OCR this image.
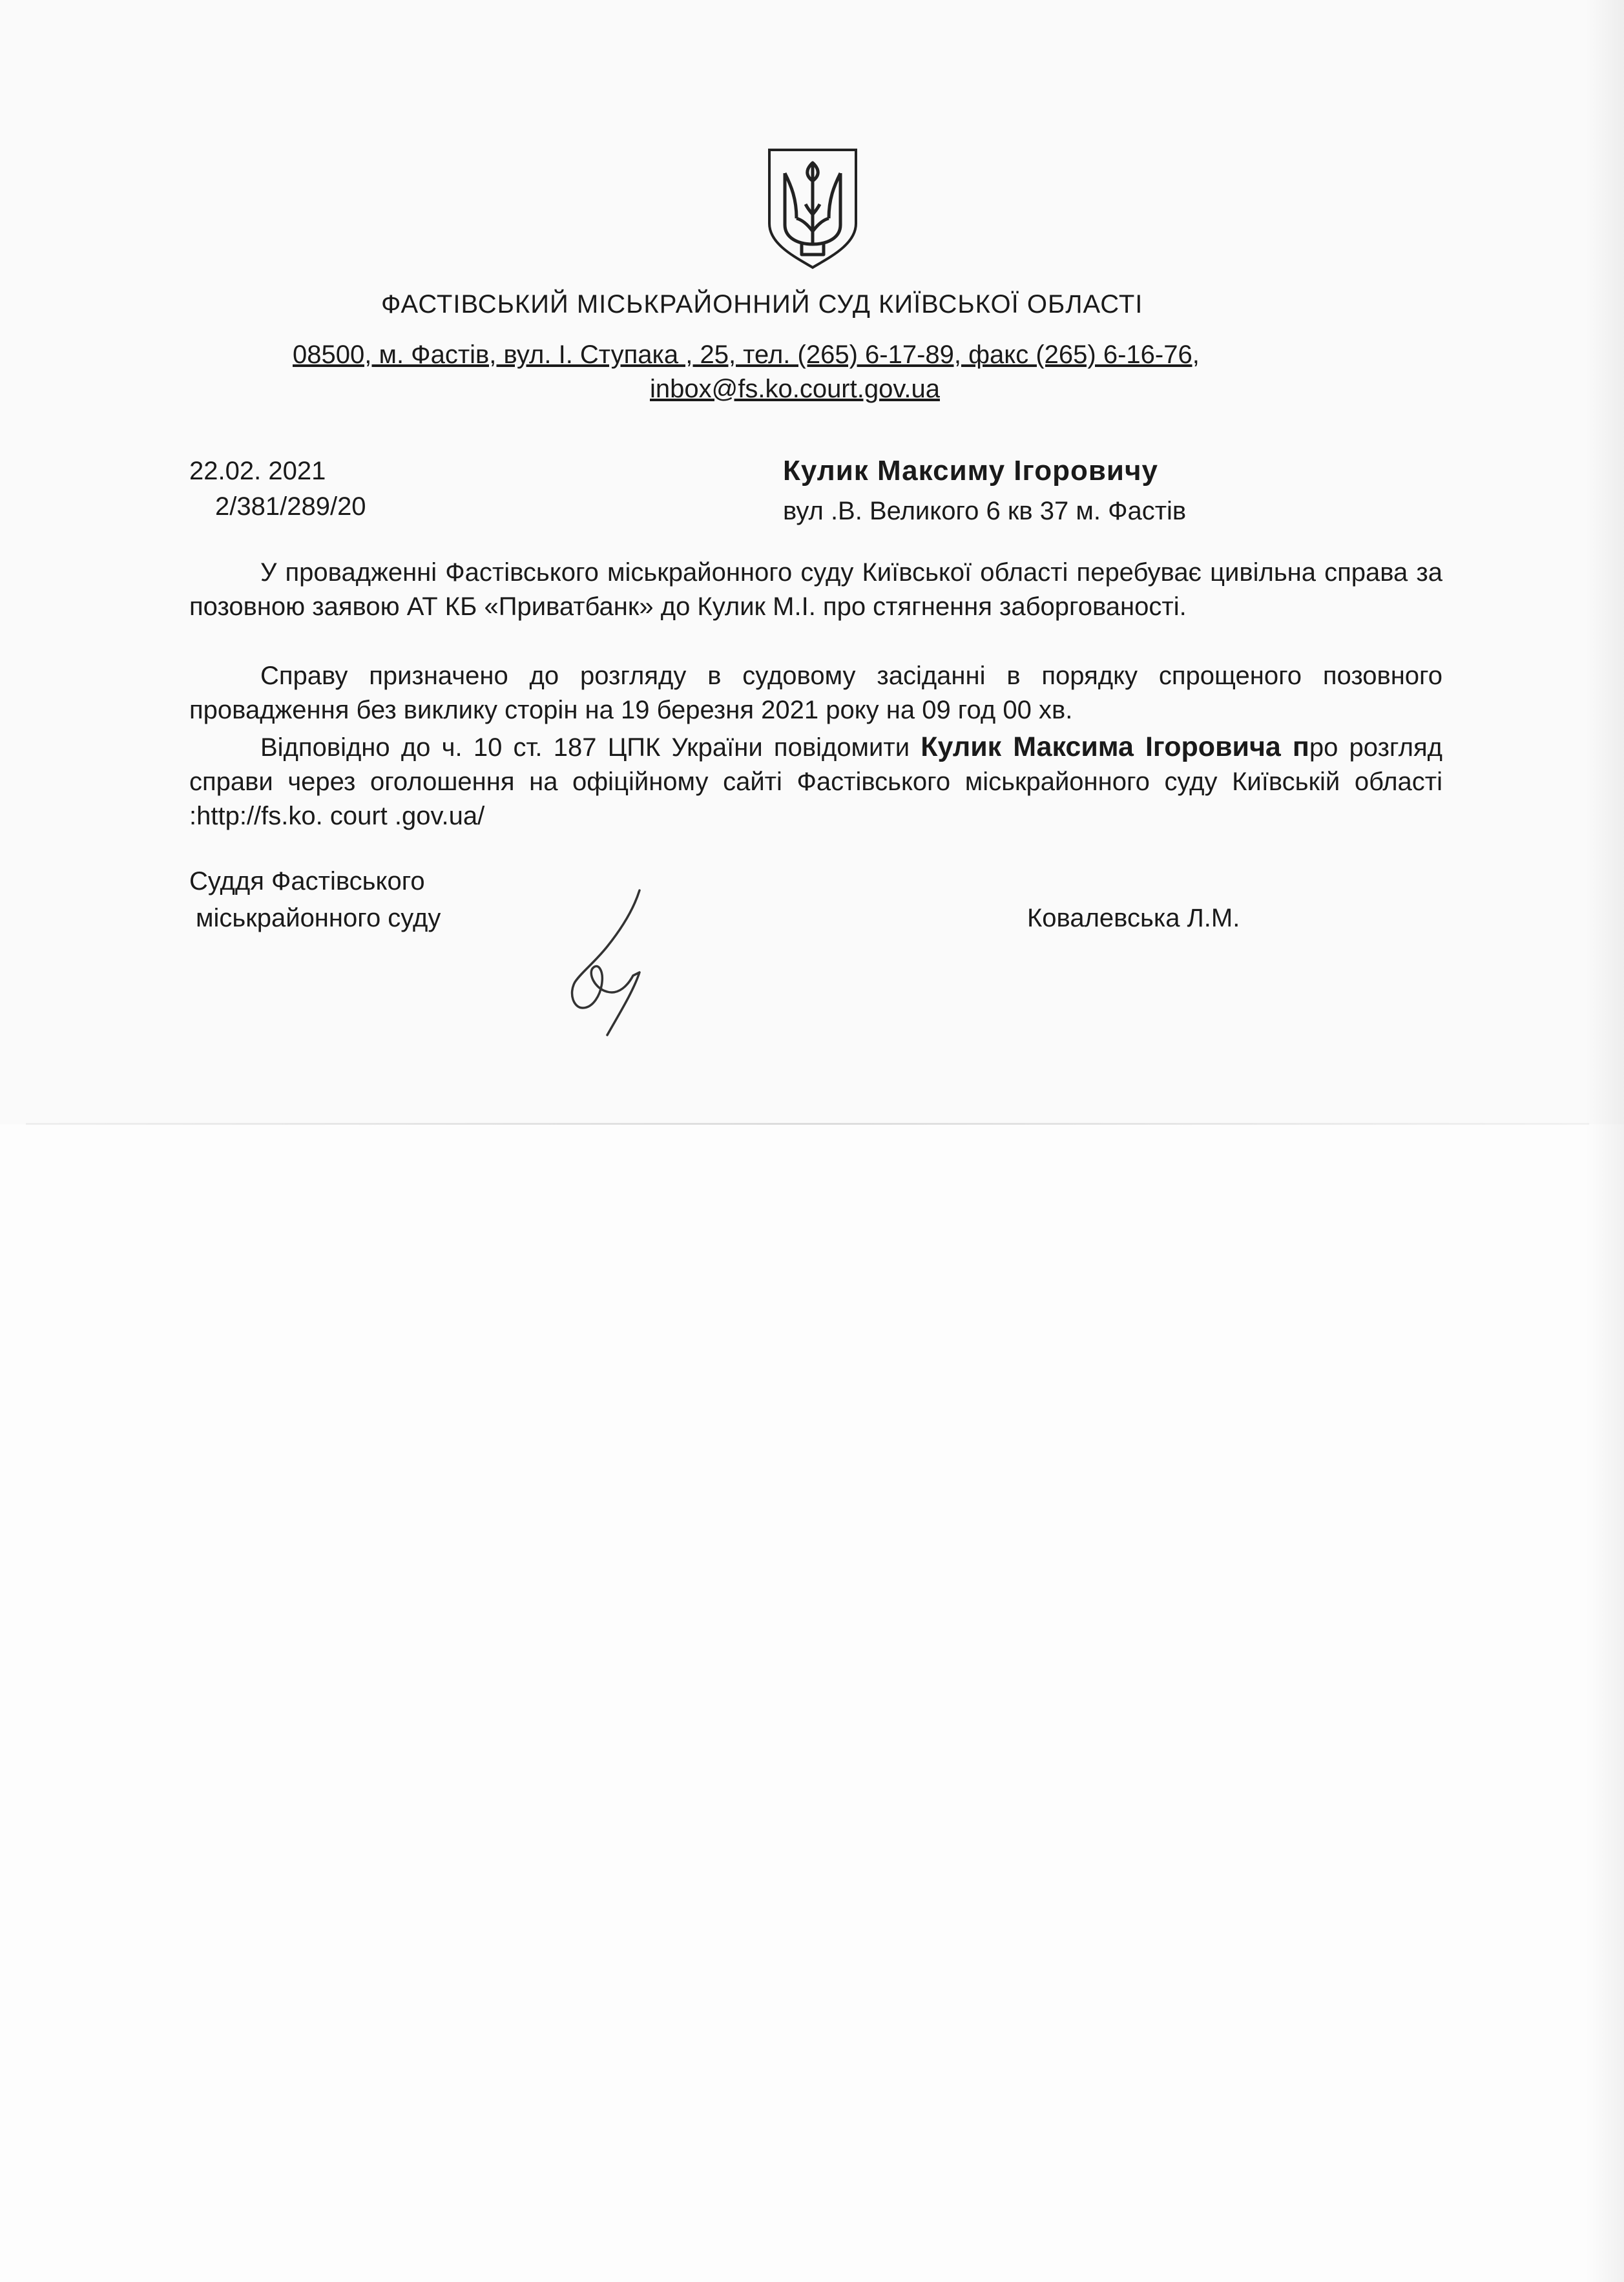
ФАСТІВСЬКИЙ МІСЬКРАЙОННИЙ СУД КИЇВСЬКОЇ ОБЛАСТІ
08500, м. Фастів, вул. І. Ступака , 25, тел. (265) 6-17-89, факс (265) 6-16-76,
inbox@fs.ko.court.gov.ua
22.02. 2021
2/381/289/20
Кулик Максиму Ігоровичу
вул .В. Великого 6 кв 37 м. Фастів
У провадженні Фастівського міськрайонного суду Київської області перебуває цивільна справа за позовною заявою АТ КБ «Приватбанк» до Кулик М.І. про стягнення заборгованості.
Справу призначено до розгляду в судовому засіданні в порядку спрощеного позовного провадження без виклику сторін на 19 березня 2021 року на 09 год 00 хв.
Відповідно до ч. 10 ст. 187 ЦПК України повідомити Кулик Максима Ігоровича про розгляд справи через оголошення на офіційному сайті Фастівського міськрайонного суду Київській області :http://fs.ko. court .gov.ua/
Суддя Фастівського
міськрайонного суду	Ковалевська Л.М.
